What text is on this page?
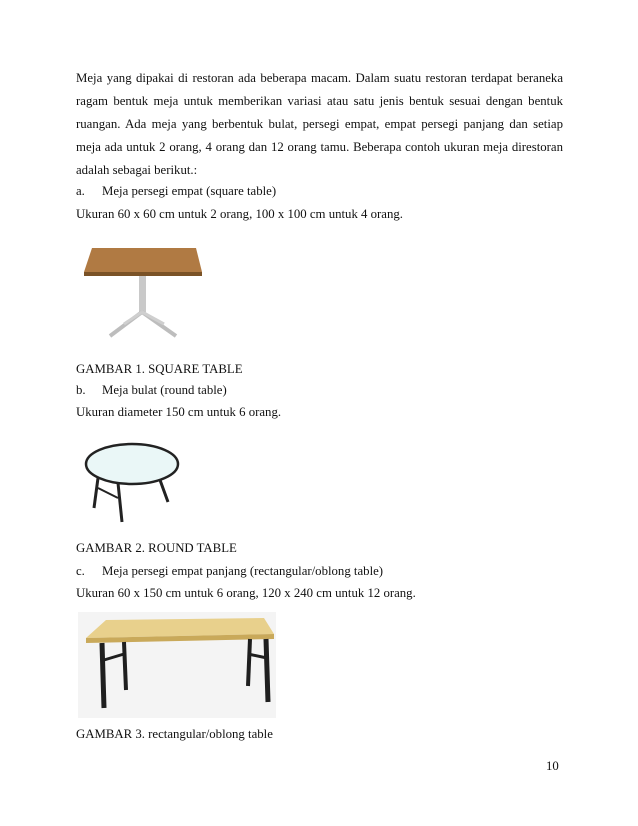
Meja yang dipakai di restoran ada beberapa macam. Dalam suatu restoran terdapat beraneka ragam bentuk meja untuk memberikan variasi atau satu jenis bentuk sesuai dengan bentuk ruangan. Ada meja yang berbentuk bulat, persegi empat, empat persegi panjang dan setiap meja ada untuk 2 orang, 4 orang dan 12 orang tamu. Beberapa contoh ukuran meja direstoran adalah sebagai berikut.:

a. Meja persegi empat (square table)
Ukuran 60 x 60 cm untuk 2 orang, 100 x 100 cm untuk 4 orang.
GAMBAR 1. SQUARE TABLE
b. Meja bulat (round table)
Ukuran diameter 150 cm untuk 6 orang.
GAMBAR 2. ROUND TABLE
c. Meja persegi empat panjang (rectangular/oblong table)
Ukuran 60 x 150 cm untuk 6 orang, 120 x 240 cm untuk 12 orang.
GAMBAR 3. rectangular/oblong table
10
